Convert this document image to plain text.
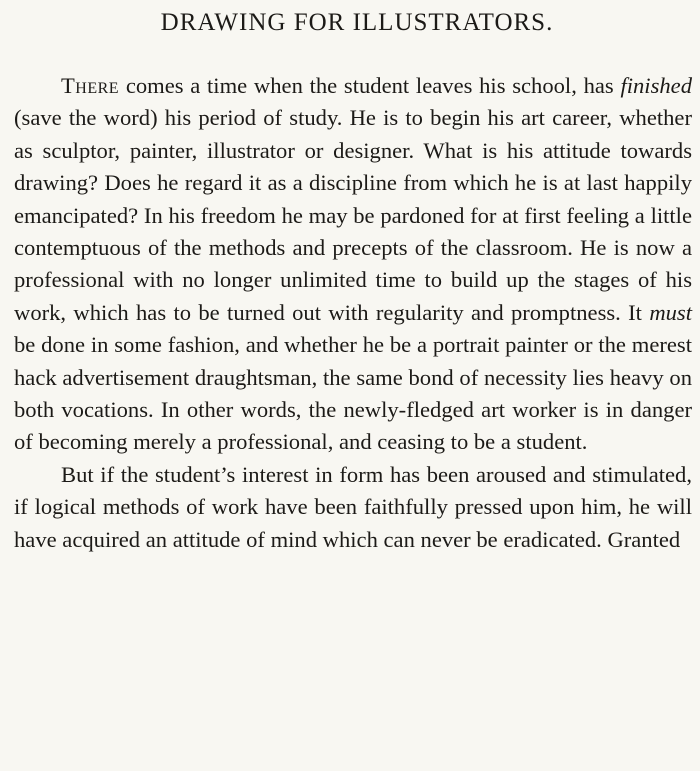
DRAWING FOR ILLUSTRATORS.

There comes a time when the student leaves his school, has finished (save the word) his period of study. He is to begin his art career, whether as sculptor, painter, illustrator or designer. What is his attitude towards drawing? Does he regard it as a discipline from which he is at last happily emancipated? In his freedom he may be pardoned for at first feeling a little contemptuous of the methods and precepts of the classroom. He is now a professional with no longer unlimited time to build up the stages of his work, which has to be turned out with regularity and promptness. It must be done in some fashion, and whether he be a portrait painter or the merest hack advertisement draughtsman, the same bond of necessity lies heavy on both vocations. In other words, the newly-fledged art worker is in danger of becoming merely a professional, and ceasing to be a student.

But if the student’s interest in form has been aroused and stimulated, if logical methods of work have been faithfully pressed upon him, he will have acquired an attitude of mind which can never be eradicated. Granted
